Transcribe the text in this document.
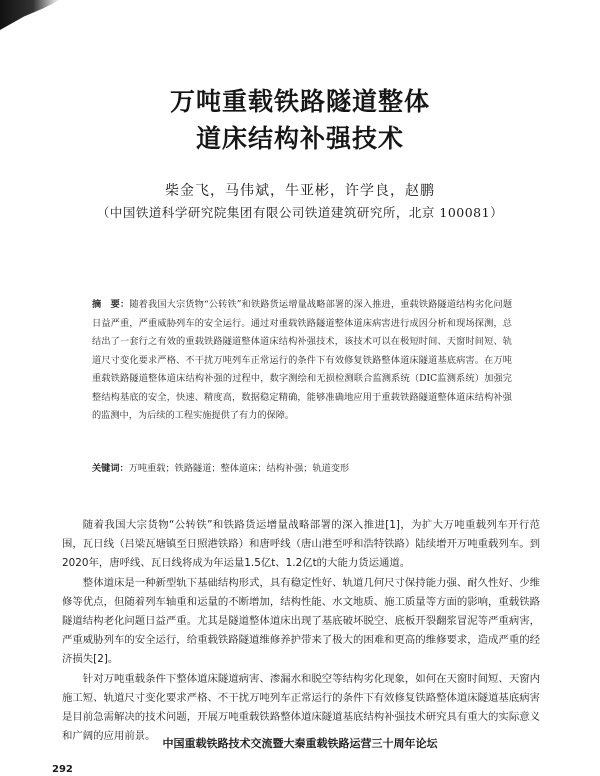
万吨重载铁路隧道整体
道床结构补强技术
柴金飞，马伟斌，牛亚彬，许学良，赵鹏
（中国铁道科学研究院集团有限公司铁道建筑研究所，北京 100081）
摘　要：随着我国大宗货物“公转铁”和铁路货运增量战略部署的深入推进，重载铁路隧道结构劣化问题日益严重，严重威胁列车的安全运行。通过对重载铁路隧道整体道床病害进行成因分析和现场探测，总结出了一套行之有效的重载铁路隧道整体道床结构补强技术，该技术可以在极短时间、天窗时间短、轨道尺寸变化要求严格、不干扰万吨列车正常运行的条件下有效修复铁路整体道床隧道基底病害。在万吨重载铁路隧道整体道床结构补强的过程中，数字测绘和无损检测联合监测系统（DIC监测系统）加强完整结构基底的安全，快速、精度高，数据稳定精确，能够准确地应用于重载铁路隧道整体道床结构补强的监测中，为后续的工程实施提供了有力的保障。
关键词：万吨重载；铁路隧道；整体道床；结构补强；轨道变形

随着我国大宗货物“公转铁”和铁路货运增量战略部署的深入推进[1]，为扩大万吨重载列车开行范围，瓦日线（吕梁瓦塘镇至日照港铁路）和唐呼线（唐山港至呼和浩特铁路）陆续增开万吨重载列车。到2020年，唐呼线、瓦日线将成为年运量1.5亿t、1.2亿t的大能力货运通道。

整体道床是一种新型轨下基础结构形式，具有稳定性好、轨道几何尺寸保持能力强、耐久性好、少维修等优点，但随着列车轴重和运量的不断增加，结构性能、水文地质、施工质量等方面的影响，重载铁路隧道结构老化问题日益严重。尤其是隧道整体道床出现了基底破坏脱空、底板开裂翻浆冒泥等严重病害，严重威胁列车的安全运行，给重载铁路隧道维修养护带来了极大的困难和更高的维修要求，造成严重的经济损失[2]。

针对万吨重载条件下整体道床隧道病害、渗漏水和脱空等结构劣化现象，如何在天窗时间短、天窗内施工短、轨道尺寸变化要求严格、不干扰万吨列车正常运行的条件下有效修复铁路整体道床隧道基底病害是目前急需解决的技术问题，开展万吨重载铁路整体道床隧道基底结构补强技术研究具有重大的实际意义和广阔的应用前景。

中国重载铁路技术交流暨大秦重载铁路运营三十周年论坛
292
